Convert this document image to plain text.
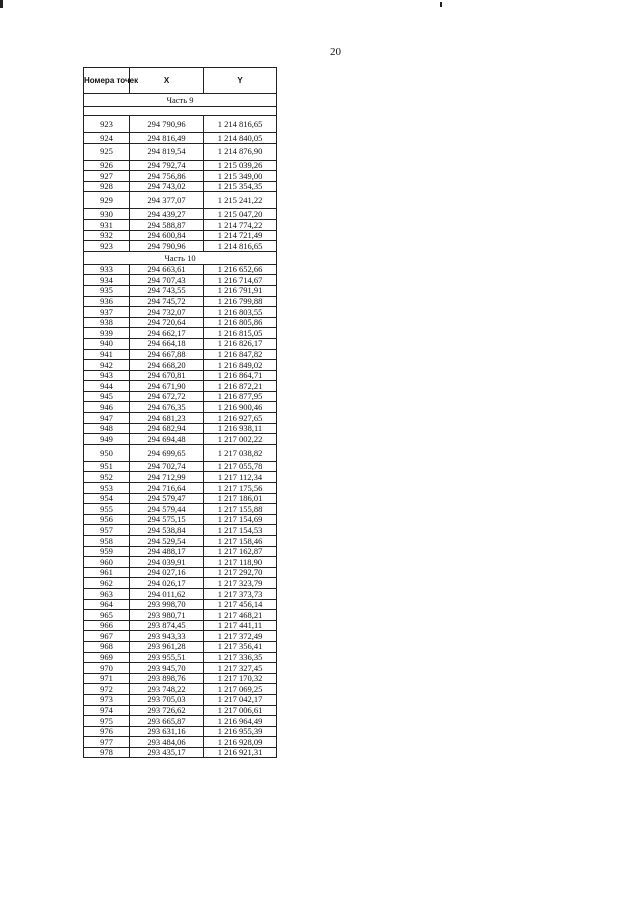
20
Номера точек	X	Y
Часть 9		

923	294 790,96	1 214 816,65
924	294 816,49	1 214 840,05
925	294 819,54	1 214 876,90
926	294 792,74	1 215 039,26
927	294 756,86	1 215 349,00
928	294 743,02	1 215 354,35
929	294 377,07	1 215 241,22
930	294 439,27	1 215 047,20
931	294 588,87	1 214 774,22
932	294 600,84	1 214 721,49
923	294 790,96	1 214 816,65
Часть 10		
933	294 663,61	1 216 652,66
934	294 707,43	1 216 714,67
935	294 743,55	1 216 791,91
936	294 745,72	1 216 799,88
937	294 732,07	1 216 803,55
938	294 720,64	1 216 805,86
939	294 662,17	1 216 815,05
940	294 664,18	1 216 826,17
941	294 667,88	1 216 847,82
942	294 668,20	1 216 849,02
943	294 670,81	1 216 864,71
944	294 671,90	1 216 872,21
945	294 672,72	1 216 877,95
946	294 676,35	1 216 900,46
947	294 681,23	1 216 927,65
948	294 682,94	1 216 938,11
949	294 694,48	1 217 002,22
950	294 699,65	1 217 038,82
951	294 702,74	1 217 055,78
952	294 712,99	1 217 112,34
953	294 716,64	1 217 175,56
954	294 579,47	1 217 186,01
955	294 579,44	1 217 155,88
956	294 575,15	1 217 154,69
957	294 538,84	1 217 154,53
958	294 529,54	1 217 158,46
959	294 488,17	1 217 162,87
960	294 039,91	1 217 118,90
961	294 027,16	1 217 292,70
962	294 026,17	1 217 323,79
963	294 011,62	1 217 373,73
964	293 998,70	1 217 456,14
965	293 980,71	1 217 468,21
966	293 874,45	1 217 441,11
967	293 943,33	1 217 372,49
968	293 961,28	1 217 356,41
969	293 955,51	1 217 336,35
970	293 945,70	1 217 327,45
971	293 898,76	1 217 170,32
972	293 748,22	1 217 069,25
973	293 705,03	1 217 042,17
974	293 726,62	1 217 006,61
975	293 665,87	1 216 964,49
976	293 631,16	1 216 955,39
977	293 484,06	1 216 928,09
978	293 435,17	1 216 921,31
